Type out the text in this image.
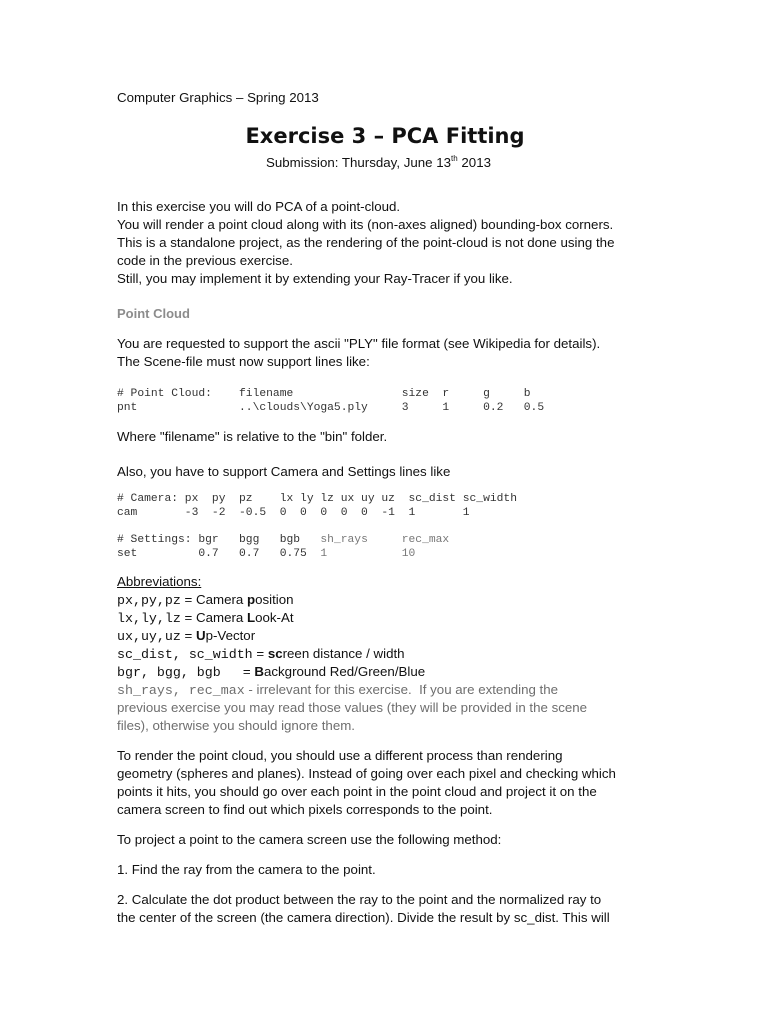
Computer Graphics – Spring 2013
Exercise 3 – PCA Fitting
Submission: Thursday, June 13th 2013
In this exercise you will do PCA of a point-cloud.
You will render a point cloud along with its (non-axes aligned) bounding-box corners.
This is a standalone project, as the rendering of the point-cloud is not done using the
code in the previous exercise.
Still, you may implement it by extending your Ray-Tracer if you like.
Point Cloud
You are requested to support the ascii "PLY" file format (see Wikipedia for details).
The Scene-file must now support lines like:
# Point Cloud:    filename                size  r     g     b
pnt               ..\clouds\Yoga5.ply     3     1     0.2   0.5
Where "filename" is relative to the "bin" folder.
Also, you have to support Camera and Settings lines like
# Camera: px  py  pz    lx ly lz ux uy uz  sc_dist sc_width
cam       -3  -2  -0.5  0  0  0  0  0  -1  1       1
# Settings: bgr   bgg   bgb   sh_rays     rec_max
set         0.7   0.7   0.75  1           10
Abbreviations:
px,py,pz = Camera position
lx,ly,lz = Camera Look-At
ux,uy,uz = Up-Vector
sc_dist, sc_width = screen distance / width
bgr, bgg, bgb      = Background Red/Green/Blue
sh_rays, rec_max - irrelevant for this exercise.  If you are extending the
previous exercise you may read those values (they will be provided in the scene
files), otherwise you should ignore them.
To render the point cloud, you should use a different process than rendering
geometry (spheres and planes). Instead of going over each pixel and checking which
points it hits, you should go over each point in the point cloud and project it on the
camera screen to find out which pixels corresponds to the point.
To project a point to the camera screen use the following method:
1. Find the ray from the camera to the point.
2. Calculate the dot product between the ray to the point and the normalized ray to
the center of the screen (the camera direction). Divide the result by sc_dist. This will
